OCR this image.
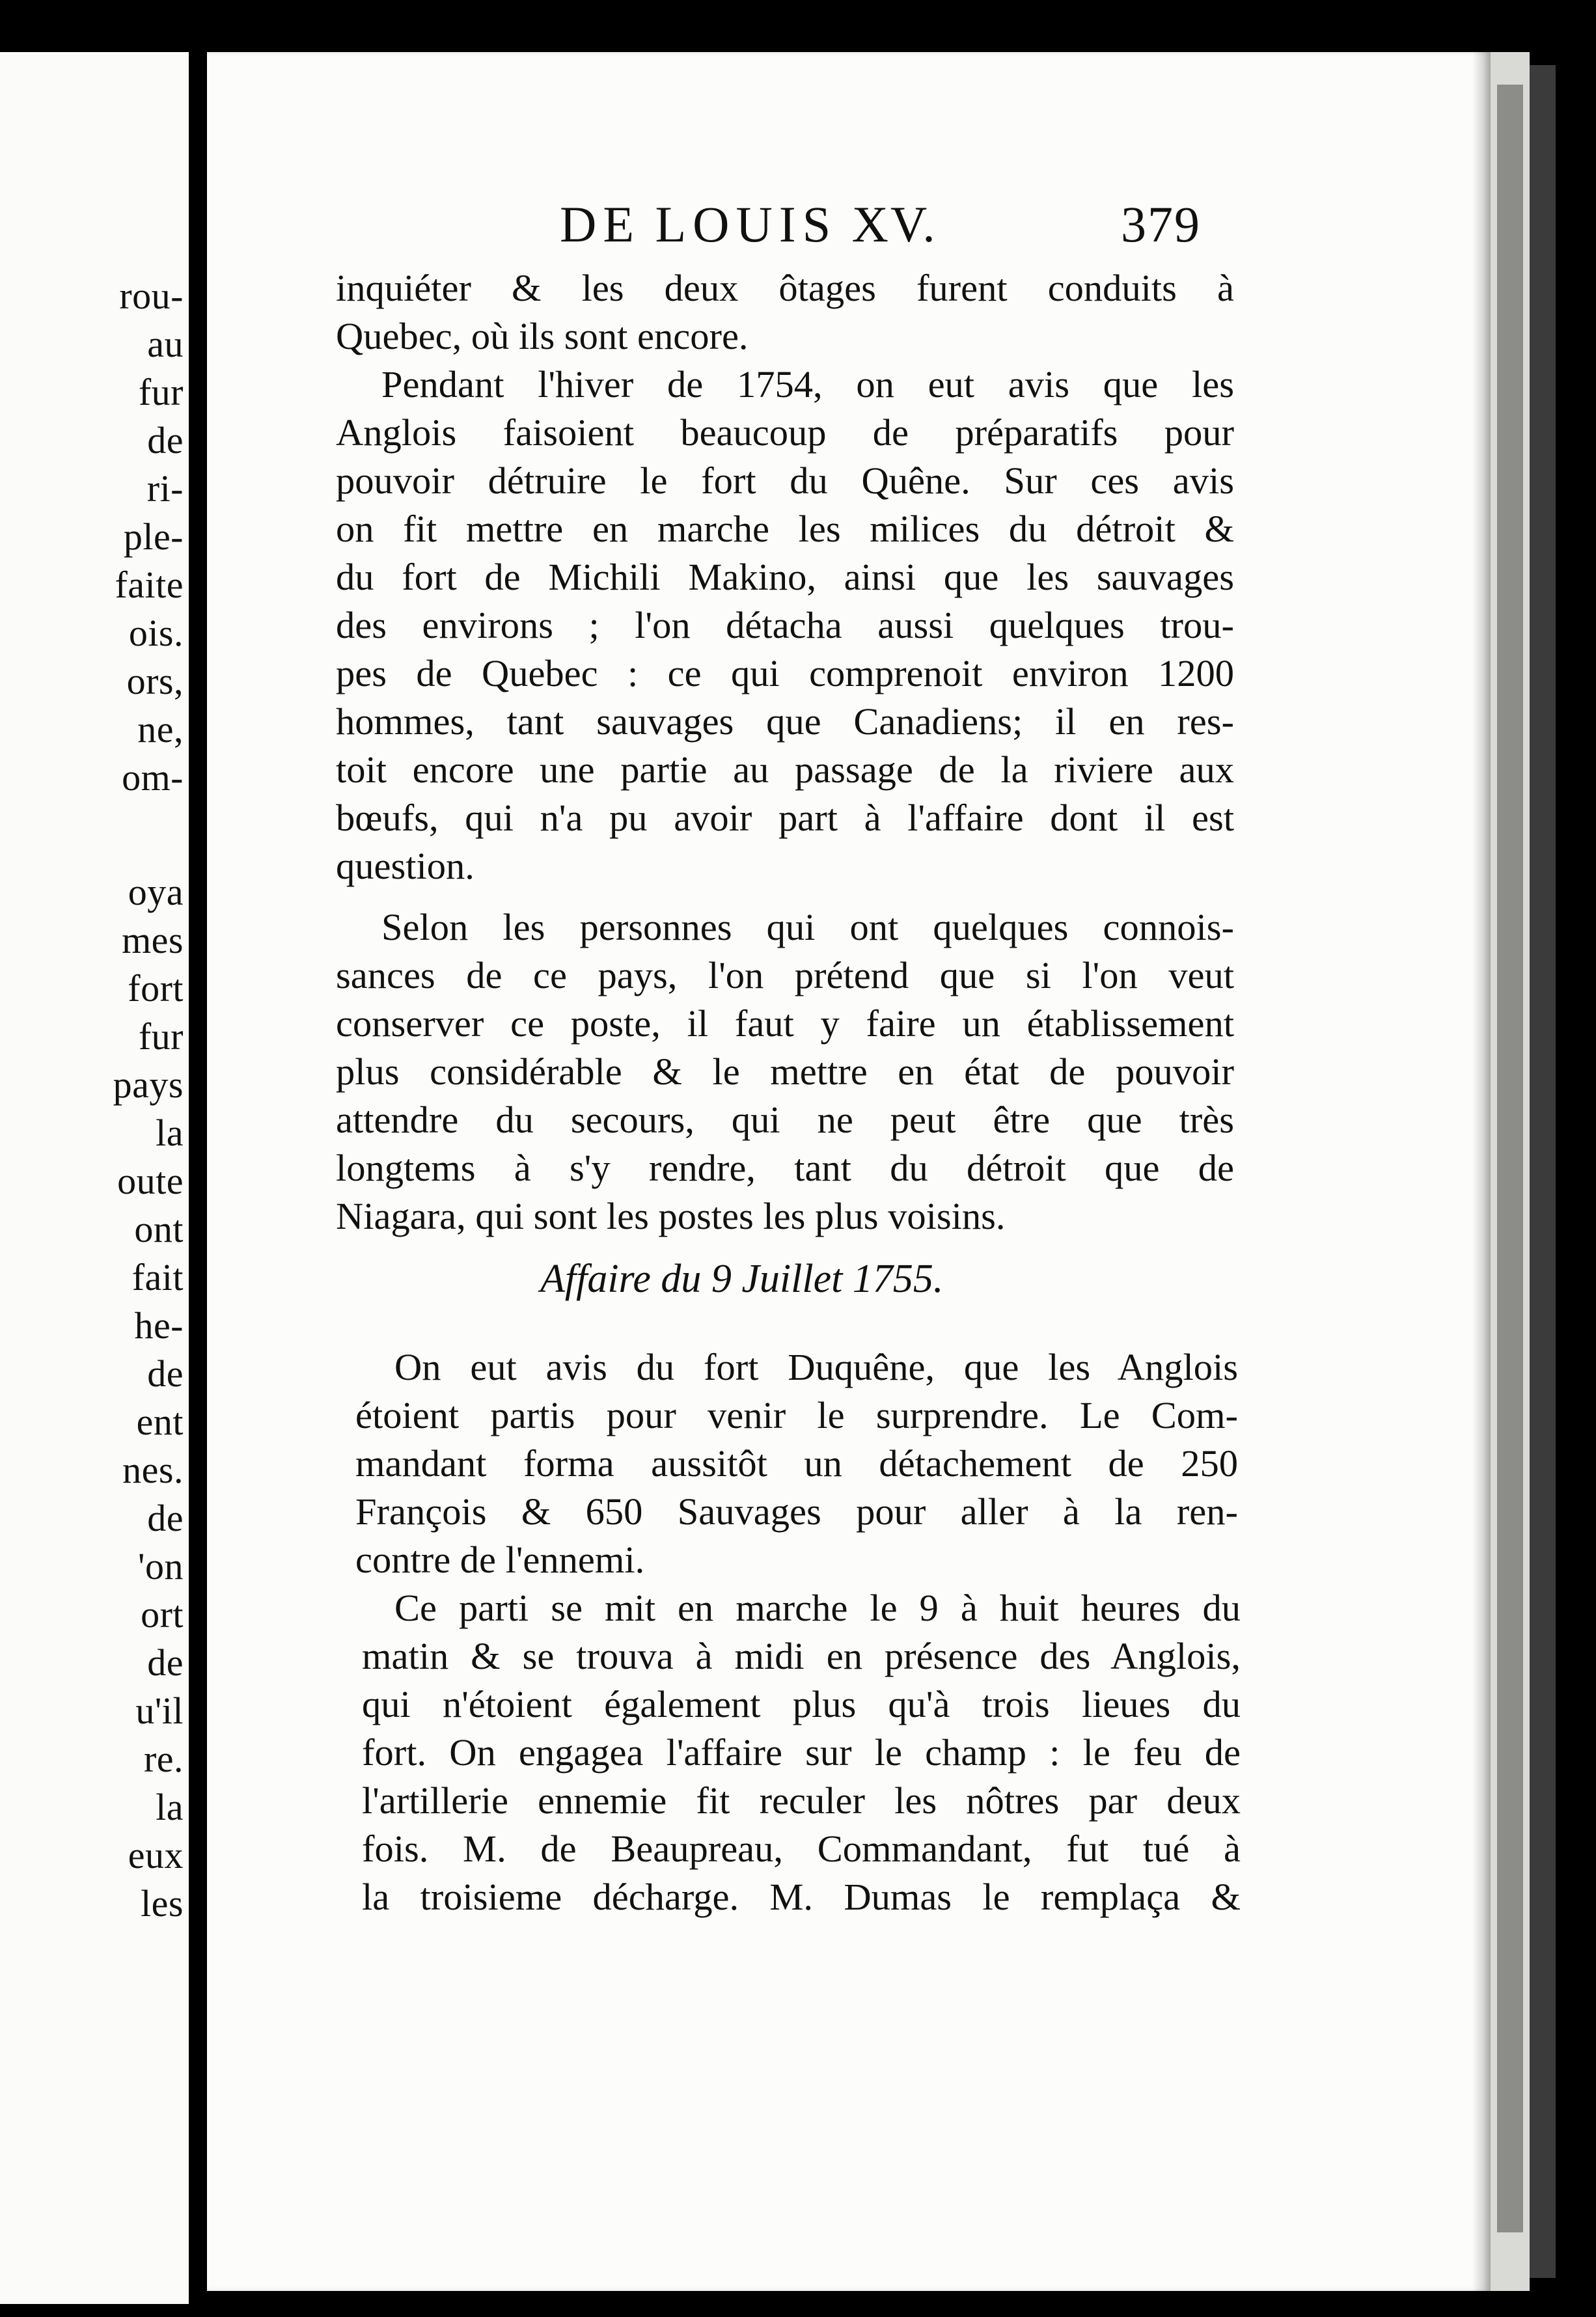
rou-
au
fur
de
ri-
ple-
faite
ois.
ors,
ne,
om-
oya
mes
fort
fur
pays
la
oute
ont
fait
he-
de
ent
nes.
de
'on
ort
de
u'il
re.
la
eux
les
DE LOUIS XV.	379
inquiéter & les deux ôtages furent conduits à
Quebec, où ils sont encore.
Pendant l'hiver de 1754, on eut avis que les
Anglois faisoient beaucoup de préparatifs pour
pouvoir détruire le fort du Quêne. Sur ces avis
on fit mettre en marche les milices du détroit &
du fort de Michili Makino, ainsi que les sauvages
des environs ; l'on détacha aussi quelques trou-
pes de Quebec : ce qui comprenoit environ 1200
hommes, tant sauvages que Canadiens; il en res-
toit encore une partie au passage de la riviere aux
bœufs, qui n'a pu avoir part à l'affaire dont il est
question.
Selon les personnes qui ont quelques connois-
sances de ce pays, l'on prétend que si l'on veut
conserver ce poste, il faut y faire un établissement
plus considérable & le mettre en état de pouvoir
attendre du secours, qui ne peut être que très
longtems à s'y rendre, tant du détroit que de
Niagara, qui sont les postes les plus voisins.
Affaire du 9 Juillet 1755.
On eut avis du fort Duquêne, que les Anglois
étoient partis pour venir le surprendre. Le Com-
mandant forma aussitôt un détachement de 250
François & 650 Sauvages pour aller à la ren-
contre de l'ennemi.
Ce parti se mit en marche le 9 à huit heures du
matin & se trouva à midi en présence des Anglois,
qui n'étoient également plus qu'à trois lieues du
fort. On engagea l'affaire sur le champ : le feu de
l'artillerie ennemie fit reculer les nôtres par deux
fois. M. de Beaupreau, Commandant, fut tué à
la troisieme décharge. M. Dumas le remplaça &
